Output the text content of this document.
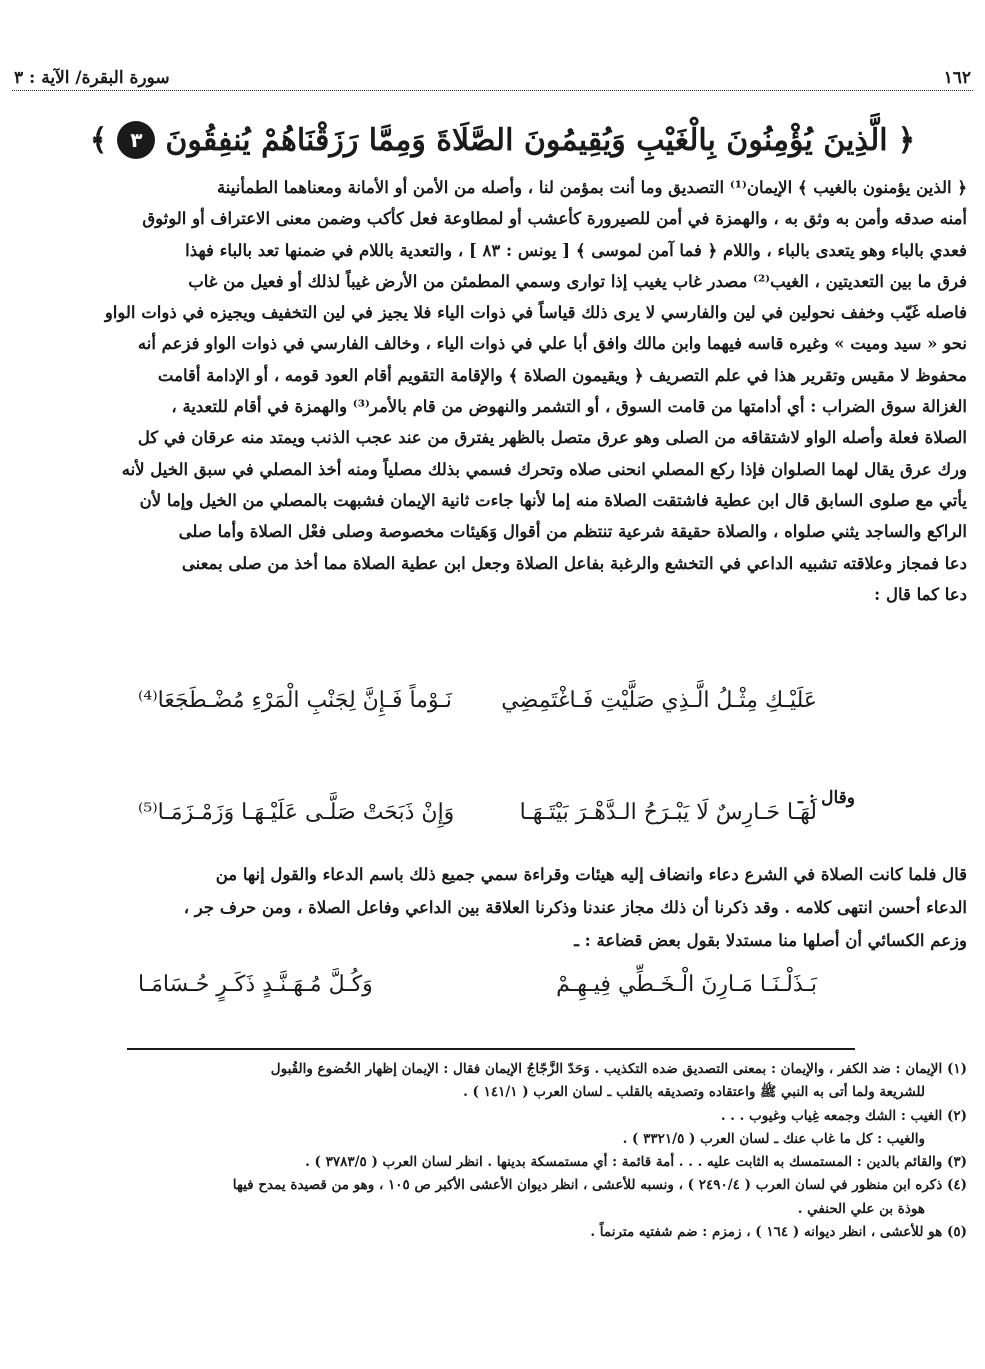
١٦٢
سورة البقرة/ الآية : ٣
﴿
الَّذِينَ يُؤْمِنُونَ بِالْغَيْبِ وَيُقِيمُونَ الصَّلَاةَ وَمِمَّا رَزَقْنَاهُمْ يُنفِقُونَ
٣
﴾

﴿ الذين يؤمنون بالغيب ﴾ الإيمان⁽¹⁾ التصديق وما أنت بمؤمن لنا ، وأصله من الأمن أو الأمانة ومعناهما الطمأنينة

أمنه صدقه وأمن به وثق به ، والهمزة في أمن للصيرورة كأعشب أو لمطاوعة فعل كأكب وضمن معنى الاعتراف أو الوثوق

فعدي بالباء وهو يتعدى بالباء ، واللام ﴿ فما آمن لموسى ﴾ [ يونس : ٨٣ ] ، والتعدية باللام في ضمنها تعد بالباء فهذا

فرق ما بين التعديتين ، الغيب⁽²⁾ مصدر غاب يغيب إذا توارى وسمي المطمئن من الأرض غيباً لذلك أو فعيل من غاب

فاصله غَيّب وخفف نحولين في لين والفارسي لا يرى ذلك قياساً في ذوات الياء فلا يجيز في لين التخفيف ويجيزه في ذوات الواو

نحو « سيد وميت » وغيره قاسه فيهما وابن مالك وافق أبا علي في ذوات الياء ، وخالف الفارسي في ذوات الواو فزعم أنه

محفوظ لا مقيس وتقرير هذا في علم التصريف ﴿ ويقيمون الصلاة ﴾ والإقامة التقويم أقام العود قومه ، أو الإدامة أقامت

الغزالة سوق الضراب : أي أدامتها من قامت السوق ، أو التشمر والنهوض من قام بالأمر⁽³⁾ والهمزة في أقام للتعدية ،

الصلاة فعلة وأصله الواو لاشتقاقه من الصلى وهو عرق متصل بالظهر يفترق من عند عجب الذنب ويمتد منه عرقان في كل

ورك عرق يقال لهما الصلوان فإذا ركع المصلي انحنى صلاه وتحرك فسمي بذلك مصلياً ومنه أخذ المصلي في سبق الخيل لأنه

يأتي مع صلوى السابق قال ابن عطية فاشتقت الصلاة منه إما لأنها جاءت ثانية الإيمان فشبهت بالمصلي من الخيل وإما لأن

الراكع والساجد يثني صلواه ، والصلاة حقيقة شرعية تنتظم من أقوال وَهَيئات مخصوصة وصلى فعْل الصلاة وأما صلى

دعا فمجاز وعلاقته تشبيه الداعي في التخشع والرغبة بفاعل الصلاة وجعل ابن عطية الصلاة مما أخذ من صلى بمعنى

دعا كما قال :

عَلَيْـكِ مِثْـلُ الَّـذِي صَلَّيْتِ فَـاغْتَمِضِي
نَـوْماً فَـإِنَّ لِجَنْبِ الْمَرْءِ مُضْـطَجَعَا⁽⁴⁾
وقال : ـ
لَهَـا حَـارِسٌ لَا يَبْـرَحُ الـدَّهْـرَ بَيْتَـهَـا
وَإِنْ ذَبَحَتْ صَلَّـى عَلَيْـهَـا وَزَمْـزَمَـا⁽⁵⁾

قال فلما كانت الصلاة في الشرع دعاء وانضاف إليه هيئات وقراءة سمي جميع ذلك باسم الدعاء والقول إنها من

الدعاء أحسن انتهى كلامه . وقد ذكرنا أن ذلك مجاز عندنا وذكرنا العلاقة بين الداعي وفاعل الصلاة ، ومن حرف جر ،

وزعم الكسائي أن أصلها منا مستدلا بقول بعض قضاعة : ـ

بَـذَلْـنَـا مَـارِنَ الْـخَـطِّي فِيـهِـمْ
وَكُـلَّ مُـهَـنَّـدٍ ذَكَـرٍ حُـسَامَـا

(١) الإيمان : ضد الكفر ، والإيمان : بمعنى التصديق ضده التكذيب . وَحَدّ الزَّجّاجُ الإيمان فقال : الإيمان إظهار الخُضوع والقُبول

للشريعة ولما أتى به النبي ﷺ واعتقاده وتصديقه بالقلب ـ لسان العرب ( ١٤١/١ ) .

(٢) الغيب : الشك وجمعه غِياب وغيوب . . .

والغيب : كل ما غاب عنك ـ لسان العرب ( ٣٣٢١/٥ ) .

(٣) والقائم بالدين : المستمسك به الثابت عليه . . . أمة قائمة : أي مستمسكة بدينها . انظر لسان العرب ( ٣٧٨٣/٥ ) .

(٤) ذكره ابن منظور في لسان العرب ( ٢٤٩٠/٤ ) ، ونسبه للأعشى ، انظر ديوان الأعشى الأكبر ص ١٠٥ ، وهو من قصيدة يمدح فيها

هوذة بن علي الحنفي .

(٥) هو للأعشى ، انظر ديوانه ( ١٦٤ ) ، زمزم : ضم شفتيه مترنماً .
